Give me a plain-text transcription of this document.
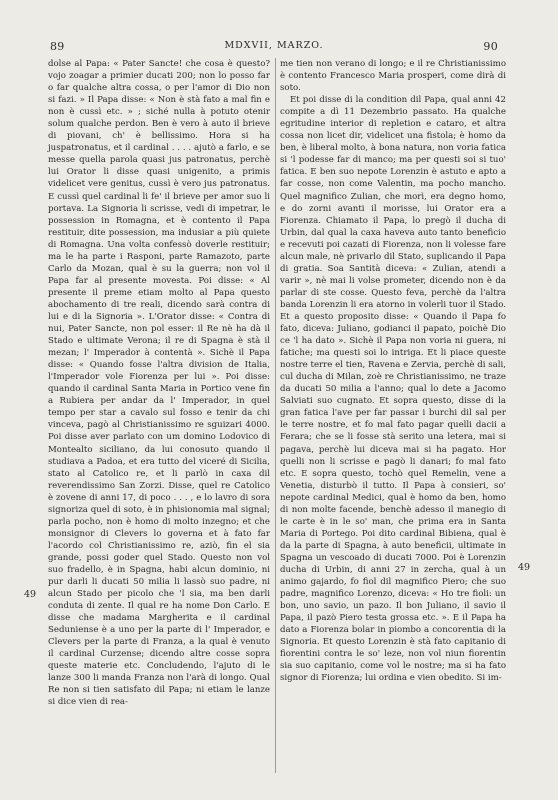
89	MDXVII, MARZO.	90
49
49

dolse al Papa: « Pater Sancte! che cosa è questo? vojo zoagar a primier ducati 200; non lo posso far o far qualche altra cossa, o per l'amor di Dio non si fazi. » Il Papa disse: « Non è stà fato a mal fin e non è cussì etc. » ; siché nulla à potuto otenir solum qualche perdon. Ben è vero à auto il brieve di piovani, ch' è bellissimo. Hora si ha juspatronatus, et il cardinal . . . . ajutò a farlo, e se messe quella parola quasi jus patronatus, perchè lui Orator li disse quasi unigenito, a primis videlicet vere genitus, cussì è vero jus patronatus. E cussì quel cardinal li fe' il brieve per amor suo li portava. La Signoria li scrisse, vedi di impetrar, le possession in Romagna, et è contento il Papa restituir, dite possession, ma indusiar a più quiete di Romagna. Una volta confessò doverle restituir; ma le ha parte i Rasponi, parte Ramazoto, parte Carlo da Mozan, qual è su la guerra; non vol il Papa far al presente movesta. Poi disse: « Al presente il preme etiam molto al Papa questo abochamento di tre reali, dicendo sarà contra di lui e di la Signoria ». L'Orator disse: « Contra di nui, Pater Sancte, non pol esser: il Re nè ha dà il Stado e ultimate Verona; il re di Spagna è stà il mezan; l' Imperador à contentà ». Sichè il Papa disse: « Quando fosse l'altra division de Italia, l'Imperador vole Fiorenza per lui ». Poi disse: quando il cardinal Santa Maria in Portico vene fin a Rubiera per andar da l' Imperador, in quel tempo per star a cavalo sul fosso e tenir da chi vinceva, pagò al Christianissimo re sguizari 4000. Poi disse aver parlato con um domino Lodovico di Montealto siciliano, da lui conosuto quando il studiava a Padoa, et era tutto del viceré di Sicilia, stato al Catolico re, et li parlò in caxa dil reverendissimo San Zorzi. Disse, quel re Catolico è zovene di anni 17, di poco . . . , e lo lavro di sora signoriza quel di soto, è in phisionomia mal signal; parla pocho, non è homo di molto inzegno; et che monsignor di Clevers lo governa et à fato far l'acordo col Christianissimo re, aziò, fin el sia grande, possi goder quel Stado. Questo non vol suo fradello, è in Spagna, habi alcun dominio, ni pur darli li ducati 50 milia li lassò suo padre, ni alcun Stado per picolo che 'l sia, ma ben darli conduta di zente. Il qual re ha nome Don Carlo. E disse che madama Margherita e il cardinal Seduniense è a uno per la parte di l' Imperador, e Clevers per la parte di Franza, a la qual è venuto il cardinal Curzense; dicendo altre cosse sopra queste materie etc. Concludendo, l'ajuto di le lanze 300 li manda Franza non l'arà di longo. Qual Re non si tien satisfato dil Papa; ni etiam le lanze si dice vien di rea-

me tien non verano di longo; e il re Christianissimo è contento Francesco Maria prosperi, come dirà di soto.

Et poi disse di la condition dil Papa, qual anni 42 compite a dì 11 Dezembrio passato. Ha qualche egritudine interior di repletion e cataro, et altra cossa non licet dir, videlicet una fistola; è homo da ben, è liberal molto, à bona natura, non voria fatica si 'l podesse far di manco; ma per questi soi si tuo' fatica. E ben suo nepote Lorenzin è astuto e apto a far cosse, non come Valentin, ma pocho mancho. Quel magnifico Zulian, che morì, era degno homo, e do zorni avanti il morisse, lui Orator era a Fiorenza. Chiamato il Papa, lo pregò il ducha di Urbin, dal qual la caxa haveva auto tanto beneficio e recevuti poi cazati di Fiorenza, non li volesse fare alcun male, nè privarlo dil Stato, suplicando il Papa di gratia. Soa Santità diceva: « Zulian, atendi a varir », nè mai li volse prometer, dicendo non è da parlar di ste cosse. Questo feva, perchè da l'altra banda Lorenzin li era atorno in volerli tuor il Stado. Et a questo proposito disse: « Quando il Papa fo fato, diceva: Juliano, godianci il papato, poichè Dio ce 'l ha dato ». Sichè il Papa non voria ni guera, ni fatiche; ma questi soi lo intriga. Et li piace queste nostre terre el tien, Ravena e Zervia, perchè di sali, cul ducha di Milan, zoè re Christianissimo, ne traze da ducati 50 milia a l'anno; qual lo dete a Jacomo Salviati suo cugnato. Et sopra questo, disse di la gran fatica l'ave per far passar i burchi dil sal per le terre nostre, et fo mal fato pagar quelli dacii a Ferara; che se li fosse stà serito una letera, mai si pagava, perchè lui diceva mai si ha pagato. Hor quelli non li scrisse e pagò li danari; fo mal fato etc. E sopra questo, tochò quel Remelin, vene a Venetia, disturbò il tutto. Il Papa à consieri, so' nepote cardinal Medici, qual è homo da ben, homo di non molte facende, benchè adesso il manegio di le carte è in le so' man, che prima era in Santa Maria di Portego. Poi dito cardinal Bibiena, qual è da la parte di Spagna, à auto beneficii, ultimate in Spagna un vescoado di ducati 7000. Poi è Lorenzin ducha di Urbin, di anni 27 in zercha, qual à un animo gajardo, fo fiol dil magnifico Piero; che suo padre, magnifico Lorenzo, diceva: « Ho tre fioli: un bon, uno savio, un pazo. Il bon Juliano, il savio il Papa, il pazò Piero testa grossa etc. ». E il Papa ha dato a Fiorenza bolar in piombo a concorentia di la Signoria. Et questo Lorenzin è stà fato capitanio di fiorentini contra le so' leze, non vol niun fiorentin sia suo capitanio, come vol le nostre; ma si ha fato signor di Fiorenza; lui ordina e vien obedito. Si im-
